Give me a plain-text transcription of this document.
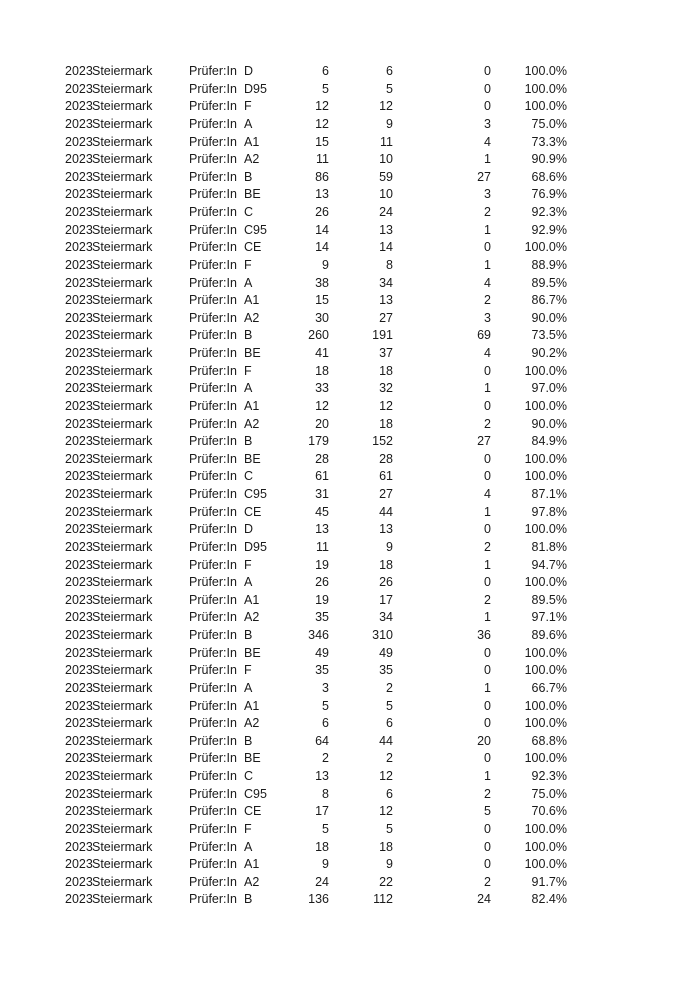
2023 Steiermark	Prüfer:In D	6	6	0	100.0%
2023 Steiermark	Prüfer:In D95	5	5	0	100.0%
2023 Steiermark	Prüfer:In F	12	12	0	100.0%
2023 Steiermark	Prüfer:In A	12	9	3	75.0%
2023 Steiermark	Prüfer:In A1	15	11	4	73.3%
2023 Steiermark	Prüfer:In A2	11	10	1	90.9%
2023 Steiermark	Prüfer:In B	86	59	27	68.6%
2023 Steiermark	Prüfer:In BE	13	10	3	76.9%
2023 Steiermark	Prüfer:In C	26	24	2	92.3%
2023 Steiermark	Prüfer:In C95	14	13	1	92.9%
2023 Steiermark	Prüfer:In CE	14	14	0	100.0%
2023 Steiermark	Prüfer:In F	9	8	1	88.9%
2023 Steiermark	Prüfer:In A	38	34	4	89.5%
2023 Steiermark	Prüfer:In A1	15	13	2	86.7%
2023 Steiermark	Prüfer:In A2	30	27	3	90.0%
2023 Steiermark	Prüfer:In B	260	191	69	73.5%
2023 Steiermark	Prüfer:In BE	41	37	4	90.2%
2023 Steiermark	Prüfer:In F	18	18	0	100.0%
2023 Steiermark	Prüfer:In A	33	32	1	97.0%
2023 Steiermark	Prüfer:In A1	12	12	0	100.0%
2023 Steiermark	Prüfer:In A2	20	18	2	90.0%
2023 Steiermark	Prüfer:In B	179	152	27	84.9%
2023 Steiermark	Prüfer:In BE	28	28	0	100.0%
2023 Steiermark	Prüfer:In C	61	61	0	100.0%
2023 Steiermark	Prüfer:In C95	31	27	4	87.1%
2023 Steiermark	Prüfer:In CE	45	44	1	97.8%
2023 Steiermark	Prüfer:In D	13	13	0	100.0%
2023 Steiermark	Prüfer:In D95	11	9	2	81.8%
2023 Steiermark	Prüfer:In F	19	18	1	94.7%
2023 Steiermark	Prüfer:In A	26	26	0	100.0%
2023 Steiermark	Prüfer:In A1	19	17	2	89.5%
2023 Steiermark	Prüfer:In A2	35	34	1	97.1%
2023 Steiermark	Prüfer:In B	346	310	36	89.6%
2023 Steiermark	Prüfer:In BE	49	49	0	100.0%
2023 Steiermark	Prüfer:In F	35	35	0	100.0%
2023 Steiermark	Prüfer:In A	3	2	1	66.7%
2023 Steiermark	Prüfer:In A1	5	5	0	100.0%
2023 Steiermark	Prüfer:In A2	6	6	0	100.0%
2023 Steiermark	Prüfer:In B	64	44	20	68.8%
2023 Steiermark	Prüfer:In BE	2	2	0	100.0%
2023 Steiermark	Prüfer:In C	13	12	1	92.3%
2023 Steiermark	Prüfer:In C95	8	6	2	75.0%
2023 Steiermark	Prüfer:In CE	17	12	5	70.6%
2023 Steiermark	Prüfer:In F	5	5	0	100.0%
2023 Steiermark	Prüfer:In A	18	18	0	100.0%
2023 Steiermark	Prüfer:In A1	9	9	0	100.0%
2023 Steiermark	Prüfer:In A2	24	22	2	91.7%
2023 Steiermark	Prüfer:In B	136	112	24	82.4%
